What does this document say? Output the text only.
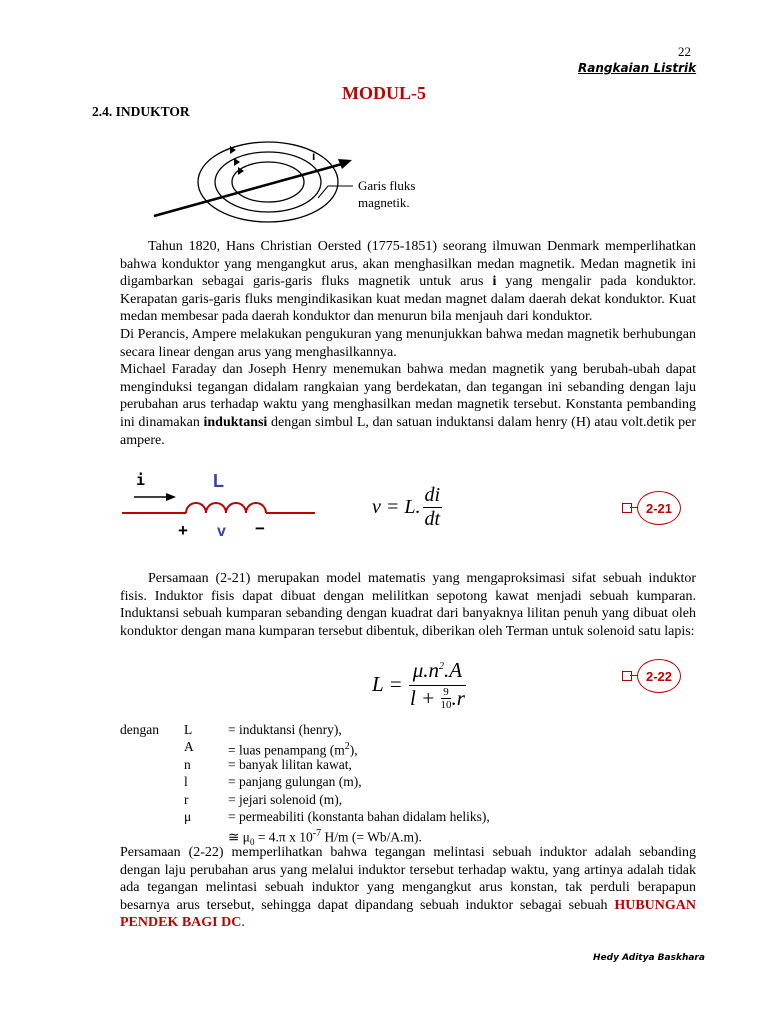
22
Rangkaian Listrik
MODUL-5
2.4. INDUKTOR
i
Garis fluks
magnetik.

Tahun 1820, Hans Christian Oersted (1775-1851) seorang ilmuwan Denmark memperlihatkan bahwa konduktor yang mengangkut arus, akan menghasilkan medan magnetik. Medan magnetik ini digambarkan sebagai garis-garis fluks magnetik untuk arus i yang mengalir pada konduktor. Kerapatan garis-garis fluks mengindikasikan kuat medan magnet dalam daerah dekat konduktor. Kuat medan membesar pada daerah konduktor dan menurun bila menjauh dari konduktor.

Di Perancis, Ampere melakukan pengukuran yang menunjukkan bahwa medan magnetik berhubungan secara linear dengan arus yang menghasilkannya.

Michael Faraday dan Joseph Henry menemukan bahwa medan magnetik yang berubah-ubah dapat menginduksi tegangan didalam rangkaian yang berdekatan, dan tegangan ini sebanding dengan laju perubahan arus terhadap waktu yang menghasilkan medan magnetik tersebut. Konstanta pembanding ini dinamakan induktansi dengan simbul L, dan satuan induktansi dalam henry (H) atau volt.detik per ampere.

i	L
+ v −
v = L. $\frac{di}{dt}$	2-21

Persamaan (2-21) merupakan model matematis yang mengaproksimasi sifat sebuah induktor fisis. Induktor fisis dapat dibuat dengan melilitkan sepotong kawat menjadi sebuah kumparan. Induktansi sebuah kumparan sebanding dengan kuadrat dari banyaknya lilitan penuh yang dibuat oleh konduktor dengan mana kumparan tersebut dibentuk, diberikan oleh Terman untuk solenoid satu lapis:

$L = \frac{\mu.n^2.A}{l + \frac{9}{10} .r}$	2-22
dengan	L	= induktansi (henry),
A	= luas penampang $(m^2)$,
n	= banyak lilitan kawat,
l	= panjang gulungan (m),
r	= jejari solenoid (m),
μ	= permeabiliti (konstanta bahan didalam heliks),
≅ $\mu_0 = 4.\pi$ x $10^{-7}$ H/m (= Wb/A.m).

Persamaan (2-22) memperlihatkan bahwa tegangan melintasi sebuah induktor adalah sebanding dengan laju perubahan arus yang melalui induktor tersebut terhadap waktu, yang artinya adalah tidak ada tegangan melintasi sebuah induktor yang mengangkut arus konstan, tak perduli berapapun besarnya arus tersebut, sehingga dapat dipandang sebuah induktor sebagai sebuah HUBUNGAN PENDEK BAGI DC.

Hedy Aditya Baskhara
